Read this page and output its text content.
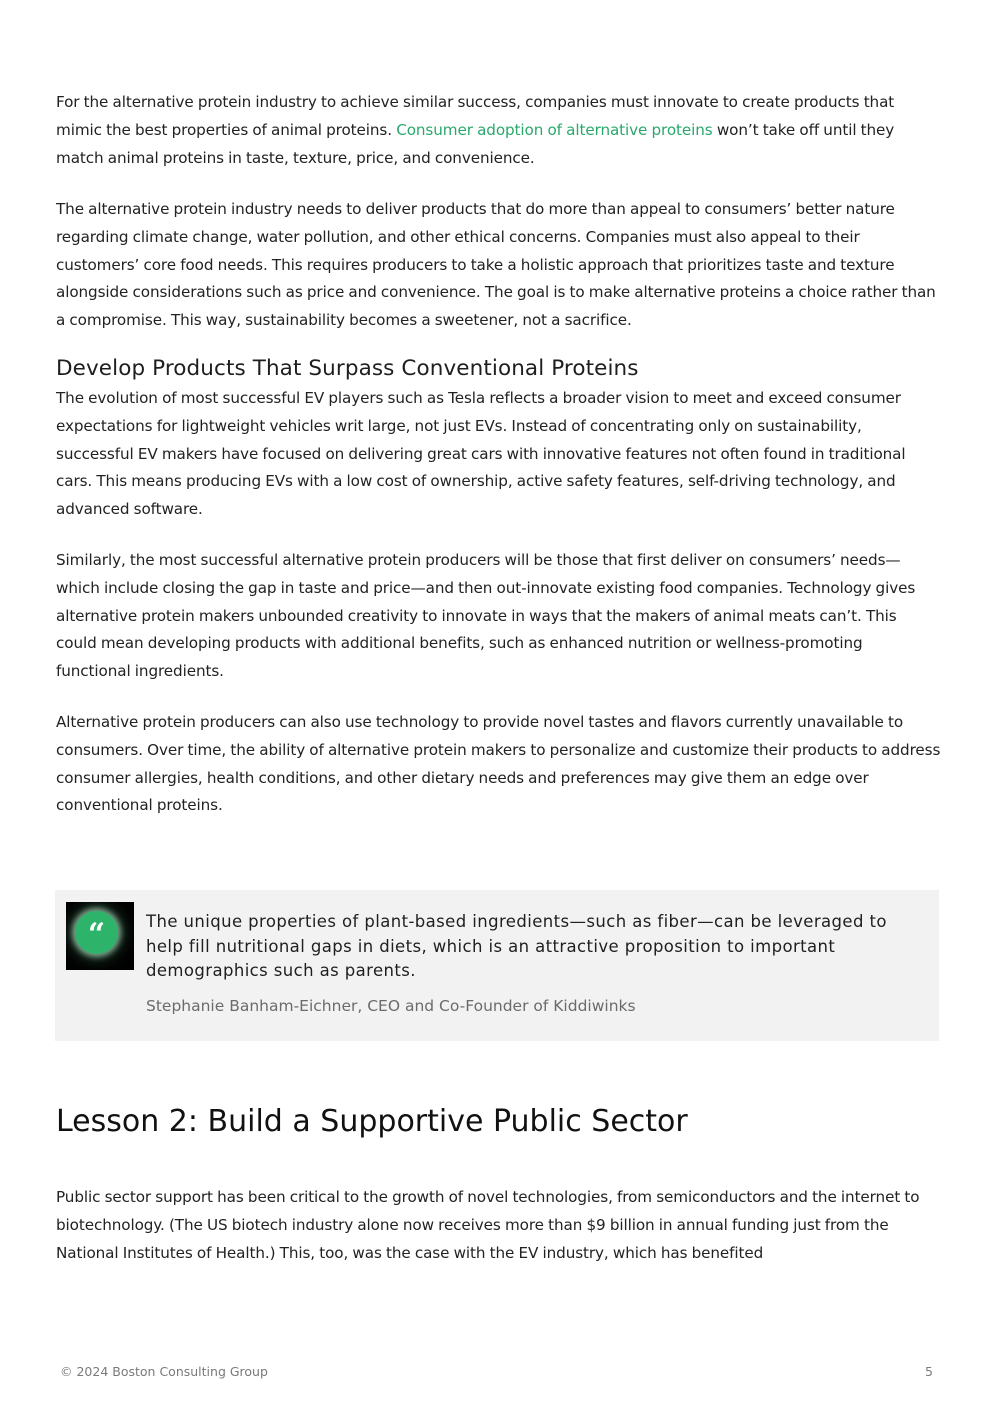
For the alternative protein industry to achieve similar success, companies must innovate to create products that mimic the best properties of animal proteins. Consumer adoption of alternative proteins won’t take off until they match animal proteins in taste, texture, price, and convenience.

The alternative protein industry needs to deliver products that do more than appeal to consumers’ better nature regarding climate change, water pollution, and other ethical concerns. Companies must also appeal to their customers’ core food needs. This requires producers to take a holistic approach that prioritizes taste and texture alongside considerations such as price and convenience. The goal is to make alternative proteins a choice rather than a compromise. This way, sustainability becomes a sweetener, not a sacrifice.

Develop Products That Surpass Conventional Proteins

The evolution of most successful EV players such as Tesla reflects a broader vision to meet and exceed consumer expectations for lightweight vehicles writ large, not just EVs. Instead of concentrating only on sustainability, successful EV makers have focused on delivering great cars with innovative features not often found in traditional cars. This means producing EVs with a low cost of ownership, active safety features, self-driving technology, and advanced software.

Similarly, the most successful alternative protein producers will be those that first deliver on consumers’ needs—which include closing the gap in taste and price—and then out-innovate existing food companies. Technology gives alternative protein makers unbounded creativity to innovate in ways that the makers of animal meats can’t. This could mean developing products with additional benefits, such as enhanced nutrition or wellness-promoting functional ingredients.

Alternative protein producers can also use technology to provide novel tastes and flavors currently unavailable to consumers. Over time, the ability of alternative protein makers to personalize and customize their products to address consumer allergies, health conditions, and other dietary needs and preferences may give them an edge over conventional proteins.

“	The unique properties of plant-based ingredients—such as fiber—can be leveraged to help fill nutritional gaps in diets, which is an attractive proposition to important demographics such as parents.

Stephanie Banham-Eichner, CEO and Co-Founder of Kiddiwinks

Lesson 2: Build a Supportive Public Sector

Public sector support has been critical to the growth of novel technologies, from semiconductors and the internet to biotechnology. (The US biotech industry alone now receives more than $9 billion in annual funding just from the National Institutes of Health.) This, too, was the case with the EV industry, which has benefited

© 2024 Boston Consulting Group	5
